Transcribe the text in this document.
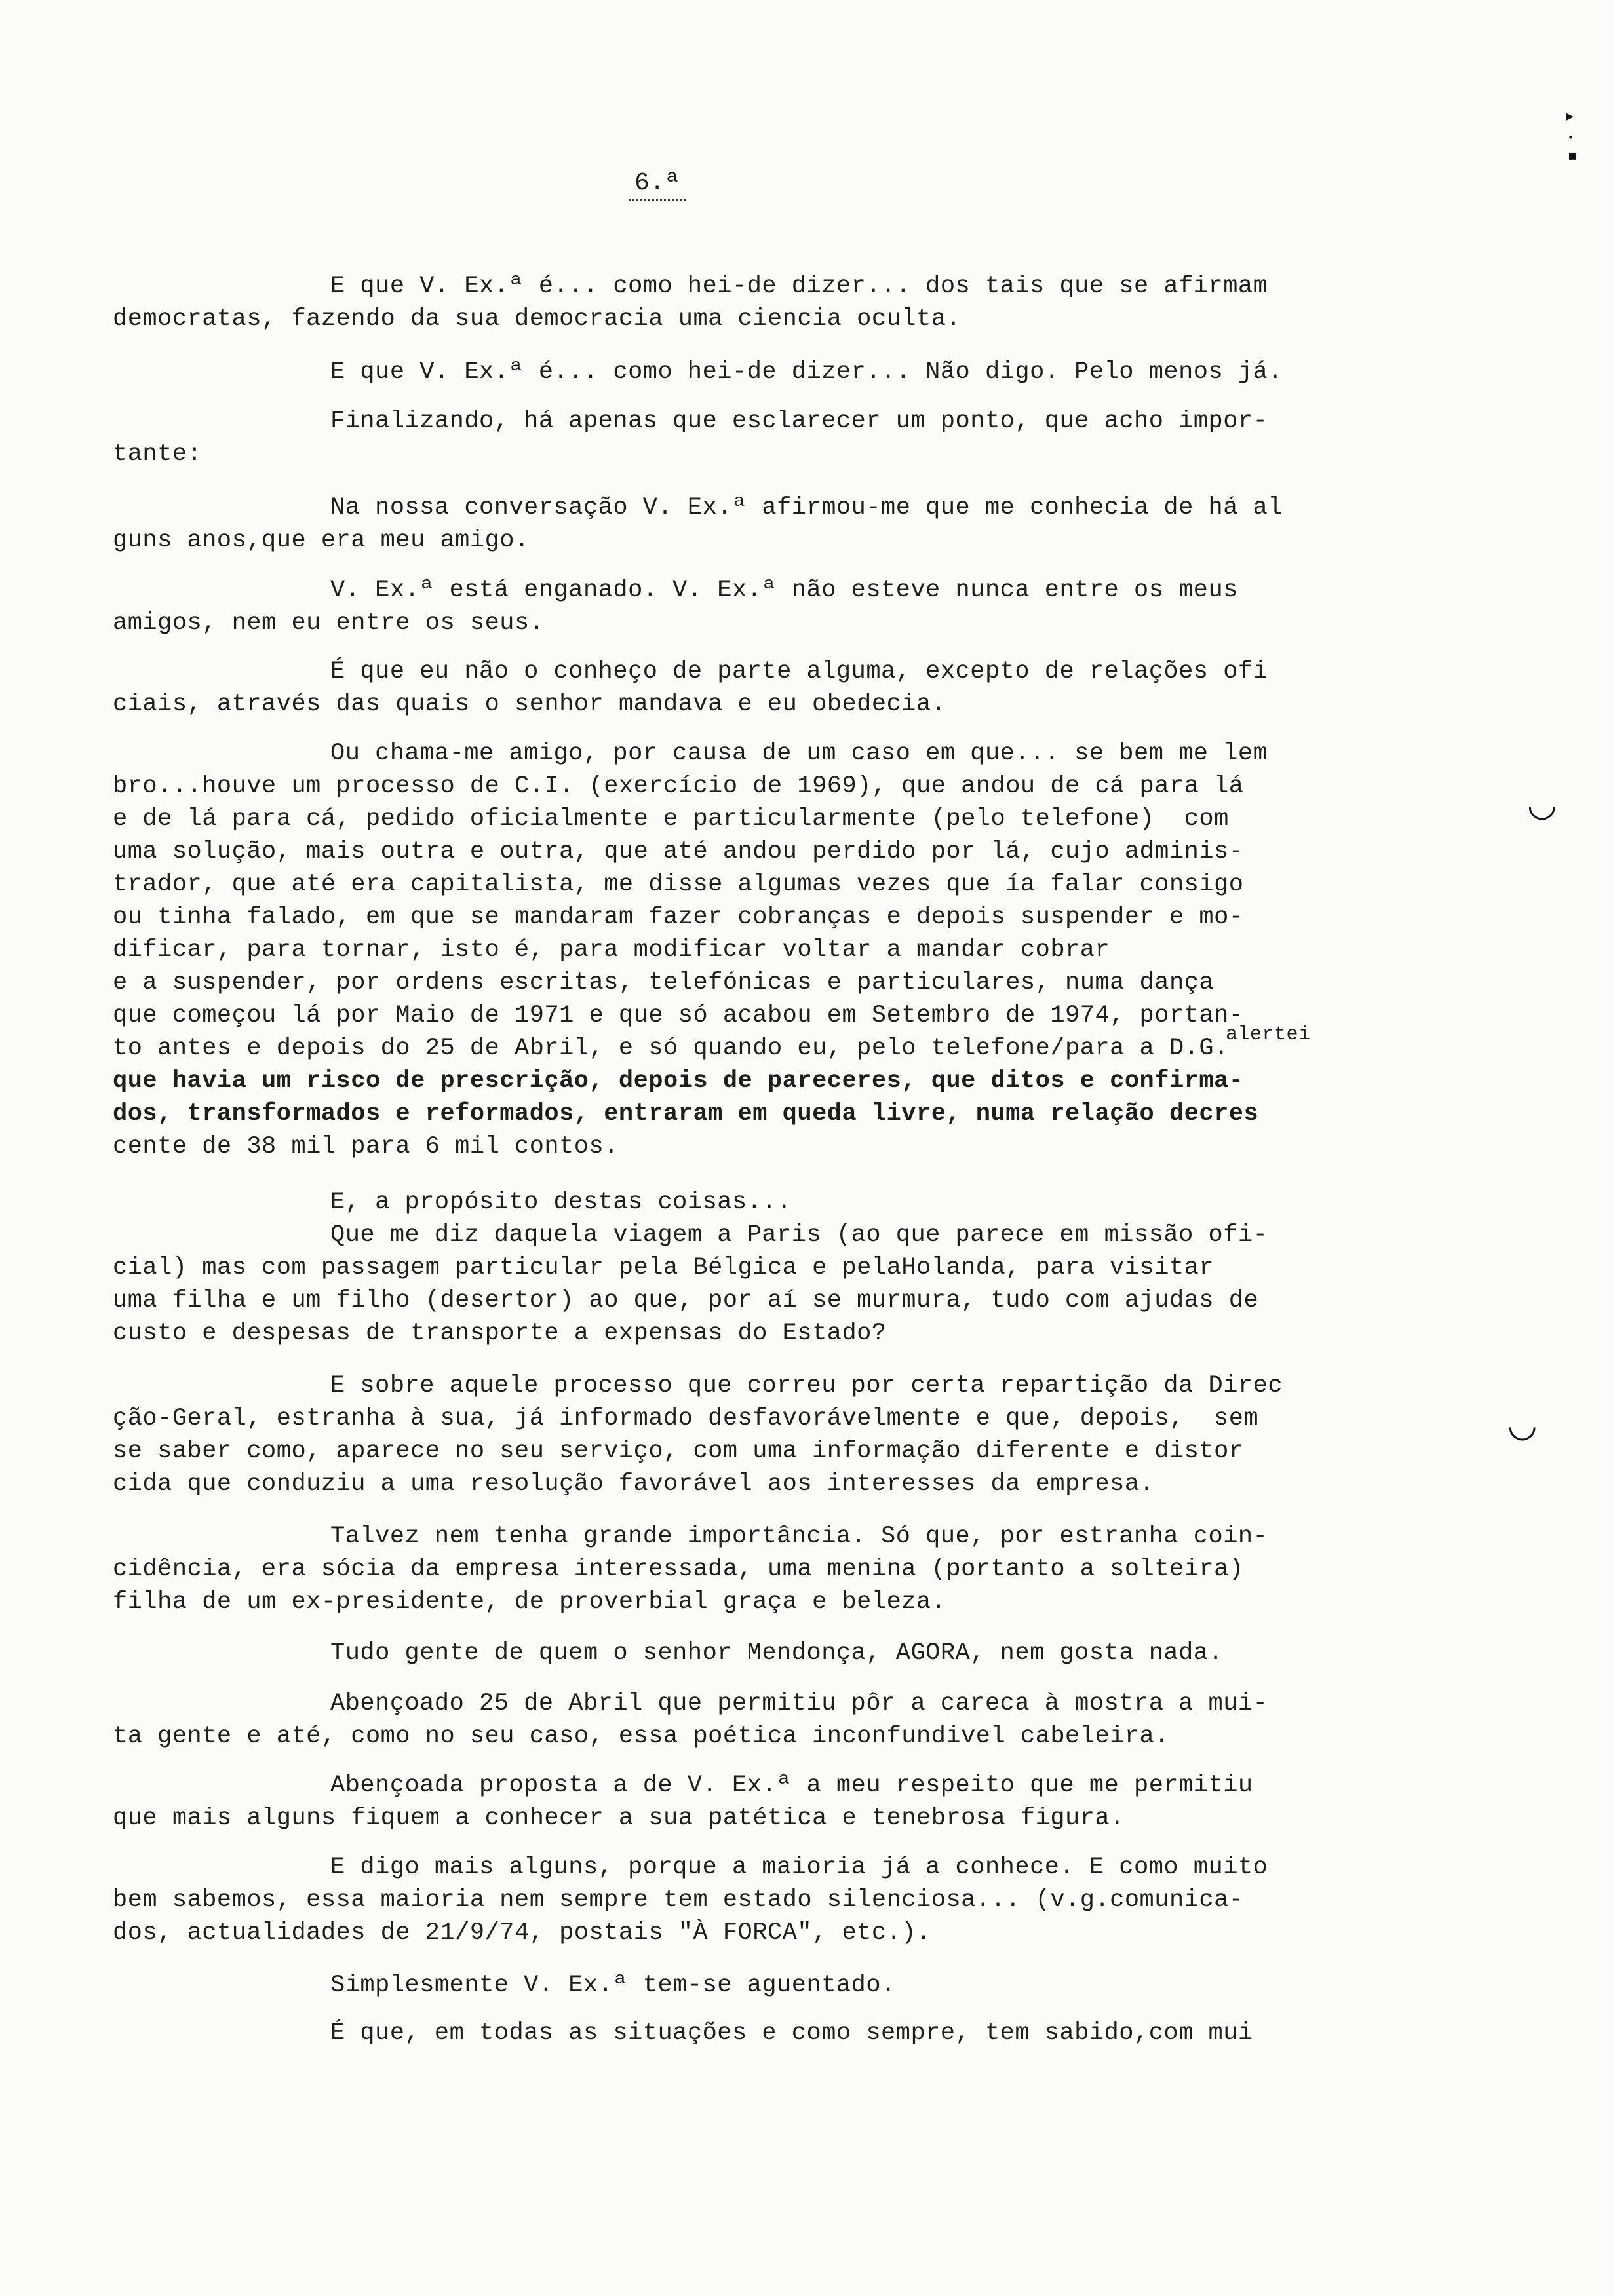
▸
•
▪
6.ª

E que V. Ex.ª é... como hei-de dizer... dos tais que se afirmam

democratas, fazendo da sua democracia uma ciencia oculta.

E que V. Ex.ª é... como hei-de dizer... Não digo. Pelo menos já.

Finalizando, há apenas que esclarecer um ponto, que acho impor-

tante:

Na nossa conversação V. Ex.ª afirmou-me que me conhecia de há al

guns anos,que era meu amigo.

V. Ex.ª está enganado. V. Ex.ª não esteve nunca entre os meus

amigos, nem eu entre os seus.

É que eu não o conheço de parte alguma, excepto de relações ofi

ciais, através das quais o senhor mandava e eu obedecia.

Ou chama-me amigo, por causa de um caso em que... se bem me lem

bro...houve um processo de C.I. (exercício de 1969), que andou de cá para lá

e de lá para cá, pedido oficialmente e particularmente (pelo telefone)  com

uma solução, mais outra e outra, que até andou perdido por lá, cujo adminis-

trador, que até era capitalista, me disse algumas vezes que ía falar consigo

ou tinha falado, em que se mandaram fazer cobranças e depois suspender e mo-

dificar, para tornar, isto é, para modificar voltar a mandar cobrar

e a suspender, por ordens escritas, telefónicas e particulares, numa dança

que começou lá por Maio de 1971 e que só acabou em Setembro de 1974, portan-

to antes e depois do 25 de Abril, e só quando eu, pelo telefone/para a D.G.

que havia um risco de prescrição, depois de pareceres, que ditos e confirma-

dos, transformados e reformados, entraram em queda livre, numa relação decres

cente de 38 mil para 6 mil contos.

alertei
◡

E, a propósito destas coisas...

Que me diz daquela viagem a Paris (ao que parece em missão ofi-

cial) mas com passagem particular pela Bélgica e pelaHolanda, para visitar

uma filha e um filho (desertor) ao que, por aí se murmura, tudo com ajudas de

custo e despesas de transporte a expensas do Estado?

E sobre aquele processo que correu por certa repartição da Direc

ção-Geral, estranha à sua, já informado desfavorávelmente e que, depois,  sem

se saber como, aparece no seu serviço, com uma informação diferente e distor

cida que conduziu a uma resolução favorável aos interesses da empresa.

◡

Talvez nem tenha grande importância. Só que, por estranha coin-

cidência, era sócia da empresa interessada, uma menina (portanto a solteira)

filha de um ex-presidente, de proverbial graça e beleza.

Tudo gente de quem o senhor Mendonça, AGORA, nem gosta nada.

Abençoado 25 de Abril que permitiu pôr a careca à mostra a mui-

ta gente e até, como no seu caso, essa poética inconfundivel cabeleira.

Abençoada proposta a de V. Ex.ª a meu respeito que me permitiu

que mais alguns fiquem a conhecer a sua patética e tenebrosa figura.

E digo mais alguns, porque a maioria já a conhece. E como muito

bem sabemos, essa maioria nem sempre tem estado silenciosa... (v.g.comunica-

dos, actualidades de 21/9/74, postais "À FORCA", etc.).

Simplesmente V. Ex.ª tem-se aguentado.

É que, em todas as situações e como sempre, tem sabido,com mui
